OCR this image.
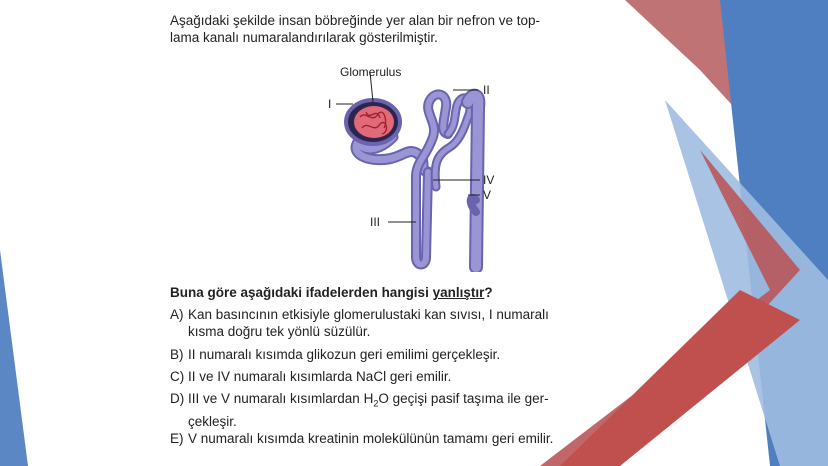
Aşağıdaki şekilde insan böbreğinde yer alan bir nefron ve top-
lama kanalı numaralandırılarak gösterilmiştir.
Glomerulus
I
II
III
IV
V
Buna göre aşağıdaki ifadelerden hangisi yanlıştır?
A) Kan basıncının etkisiyle glomerulustaki kan sıvısı, I numaralı
kısma doğru tek yönlü süzülür.
B) II numaralı kısımda glikozun geri emilimi gerçekleşir.
C) II ve IV numaralı kısımlarda NaCl geri emilir.
D) III ve V numaralı kısımlardan $H_2O$ geçişi pasif taşıma ile ger-
çekleşir.
E) V numaralı kısımda kreatinin molekülünün tamamı geri emilir.
